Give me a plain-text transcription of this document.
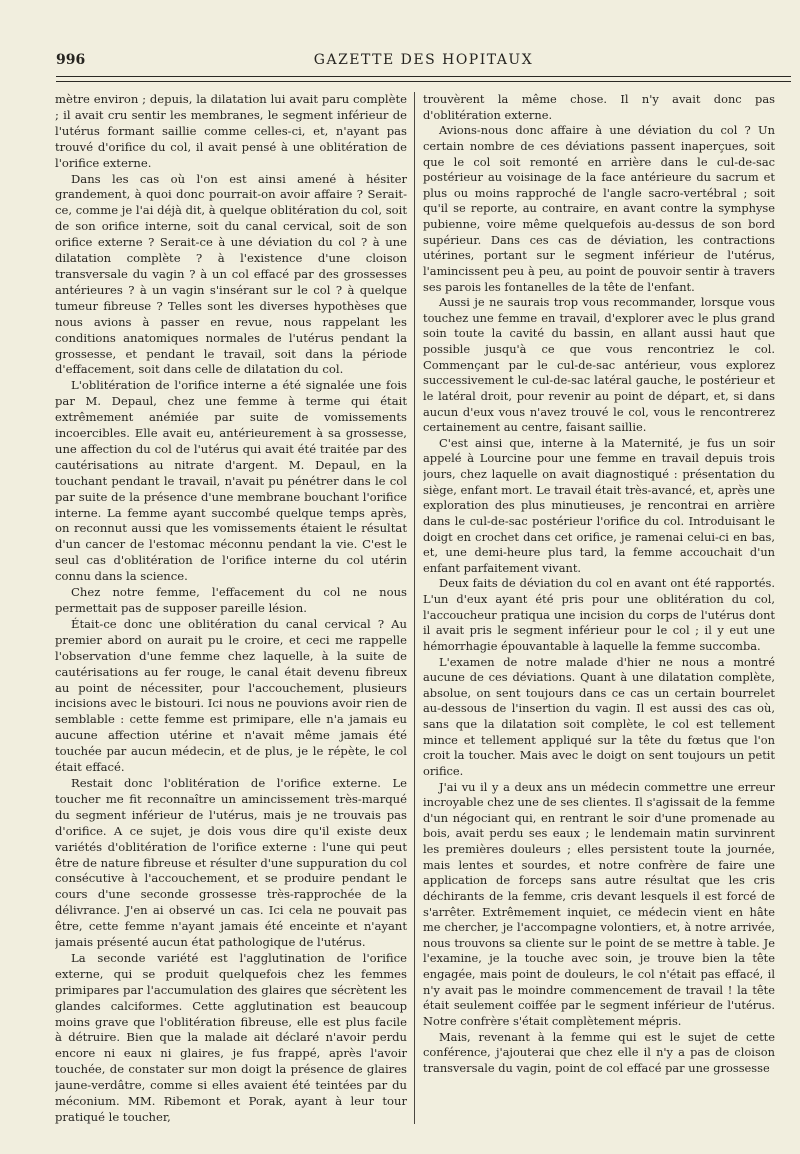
996	GAZETTE DES HOPITAUX

mètre environ ; depuis, la dilatation lui avait paru complète ; il avait cru sentir les membranes, le segment inférieur de l'utérus formant saillie comme celles-ci, et, n'ayant pas trouvé d'orifice du col, il avait pensé à une oblitération de l'orifice externe.

Dans les cas où l'on est ainsi amené à hésiter grandement, à quoi donc pourrait-on avoir affaire ? Serait-ce, comme je l'ai déjà dit, à quelque oblitération du col, soit de son orifice interne, soit du canal cervical, soit de son orifice externe ? Serait-ce à une déviation du col ? à une dilatation complète ? à l'existence d'une cloison transversale du vagin ? à un col effacé par des grossesses antérieures ? à un vagin s'insérant sur le col ? à quelque tumeur fibreuse ? Telles sont les diverses hypothèses que nous avions à passer en revue, nous rappelant les conditions anatomiques normales de l'utérus pendant la grossesse, et pendant le travail, soit dans la période d'effacement, soit dans celle de dilatation du col.

L'oblitération de l'orifice interne a été signalée une fois par M. Depaul, chez une femme à terme qui était extrêmement anémiée par suite de vomissements incoercibles. Elle avait eu, antérieurement à sa grossesse, une affection du col de l'utérus qui avait été traitée par des cautérisations au nitrate d'argent. M. Depaul, en la touchant pendant le travail, n'avait pu pénétrer dans le col par suite de la présence d'une membrane bouchant l'orifice interne. La femme ayant succombé quelque temps après, on reconnut aussi que les vomissements étaient le résultat d'un cancer de l'estomac méconnu pendant la vie. C'est le seul cas d'oblitération de l'orifice interne du col utérin connu dans la science.

Chez notre femme, l'effacement du col ne nous permettait pas de supposer pareille lésion.

Était-ce donc une oblitération du canal cervical ? Au premier abord on aurait pu le croire, et ceci me rappelle l'observation d'une femme chez laquelle, à la suite de cautérisations au fer rouge, le canal était devenu fibreux au point de nécessiter, pour l'accouchement, plusieurs incisions avec le bistouri. Ici nous ne pouvions avoir rien de semblable : cette femme est primipare, elle n'a jamais eu aucune affection utérine et n'avait même jamais été touchée par aucun médecin, et de plus, je le répète, le col était effacé.

Restait donc l'oblitération de l'orifice externe. Le toucher me fit reconnaître un amincissement très-marqué du segment inférieur de l'utérus, mais je ne trouvais pas d'orifice. A ce sujet, je dois vous dire qu'il existe deux variétés d'oblitération de l'orifice externe : l'une qui peut être de nature fibreuse et résulter d'une suppuration du col consécutive à l'accouchement, et se produire pendant le cours d'une seconde grossesse très-rapprochée de la délivrance. J'en ai observé un cas. Ici cela ne pouvait pas être, cette femme n'ayant jamais été enceinte et n'ayant jamais présenté aucun état pathologique de l'utérus.

La seconde variété est l'agglutination de l'orifice externe, qui se produit quelquefois chez les femmes primipares par l'accumulation des glaires que sécrètent les glandes calciformes. Cette agglutination est beaucoup moins grave que l'oblitération fibreuse, elle est plus facile à détruire. Bien que la malade ait déclaré n'avoir perdu encore ni eaux ni glaires, je fus frappé, après l'avoir touchée, de constater sur mon doigt la présence de glaires jaune-verdâtre, comme si elles avaient été teintées par du méconium. MM. Ribemont et Porak, ayant à leur tour pratiqué le toucher,

trouvèrent la même chose. Il n'y avait donc pas d'oblitération externe.

Avions-nous donc affaire à une déviation du col ? Un certain nombre de ces déviations passent inaperçues, soit que le col soit remonté en arrière dans le cul-de-sac postérieur au voisinage de la face antérieure du sacrum et plus ou moins rapproché de l'angle sacro-vertébral ; soit qu'il se reporte, au contraire, en avant contre la symphyse pubienne, voire même quelquefois au-dessus de son bord supérieur. Dans ces cas de déviation, les contractions utérines, portant sur le segment inférieur de l'utérus, l'amincissent peu à peu, au point de pouvoir sentir à travers ses parois les fontanelles de la tête de l'enfant.

Aussi je ne saurais trop vous recommander, lorsque vous touchez une femme en travail, d'explorer avec le plus grand soin toute la cavité du bassin, en allant aussi haut que possible jusqu'à ce que vous rencontriez le col. Commençant par le cul-de-sac antérieur, vous explorez successivement le cul-de-sac latéral gauche, le postérieur et le latéral droit, pour revenir au point de départ, et, si dans aucun d'eux vous n'avez trouvé le col, vous le rencontrerez certainement au centre, faisant saillie.

C'est ainsi que, interne à la Maternité, je fus un soir appelé à Lourcine pour une femme en travail depuis trois jours, chez laquelle on avait diagnostiqué : présentation du siège, enfant mort. Le travail était très-avancé, et, après une exploration des plus minutieuses, je rencontrai en arrière dans le cul-de-sac postérieur l'orifice du col. Introduisant le doigt en crochet dans cet orifice, je ramenai celui-ci en bas, et, une demi-heure plus tard, la femme accouchait d'un enfant parfaitement vivant.

Deux faits de déviation du col en avant ont été rapportés. L'un d'eux ayant été pris pour une oblitération du col, l'accoucheur pratiqua une incision du corps de l'utérus dont il avait pris le segment inférieur pour le col ; il y eut une hémorrhagie épouvantable à laquelle la femme succomba.

L'examen de notre malade d'hier ne nous a montré aucune de ces déviations. Quant à une dilatation complète, absolue, on sent toujours dans ce cas un certain bourrelet au-dessous de l'insertion du vagin. Il est aussi des cas où, sans que la dilatation soit complète, le col est tellement mince et tellement appliqué sur la tête du fœtus que l'on croit la toucher. Mais avec le doigt on sent toujours un petit orifice.

J'ai vu il y a deux ans un médecin commettre une erreur incroyable chez une de ses clientes. Il s'agissait de la femme d'un négociant qui, en rentrant le soir d'une promenade au bois, avait perdu ses eaux ; le lendemain matin survinrent les premières douleurs ; elles persistent toute la journée, mais lentes et sourdes, et notre confrère de faire une application de forceps sans autre résultat que les cris déchirants de la femme, cris devant lesquels il est forcé de s'arrêter. Extrêmement inquiet, ce médecin vient en hâte me chercher, je l'accompagne volontiers, et, à notre arrivée, nous trouvons sa cliente sur le point de se mettre à table. Je l'examine, je la touche avec soin, je trouve bien la tête engagée, mais point de douleurs, le col n'était pas effacé, il n'y avait pas le moindre commencement de travail ! la tête était seulement coiffée par le segment inférieur de l'utérus. Notre confrère s'était complètement mépris.

Mais, revenant à la femme qui est le sujet de cette conférence, j'ajouterai que chez elle il n'y a pas de cloison transversale du vagin, point de col effacé par une grossesse
